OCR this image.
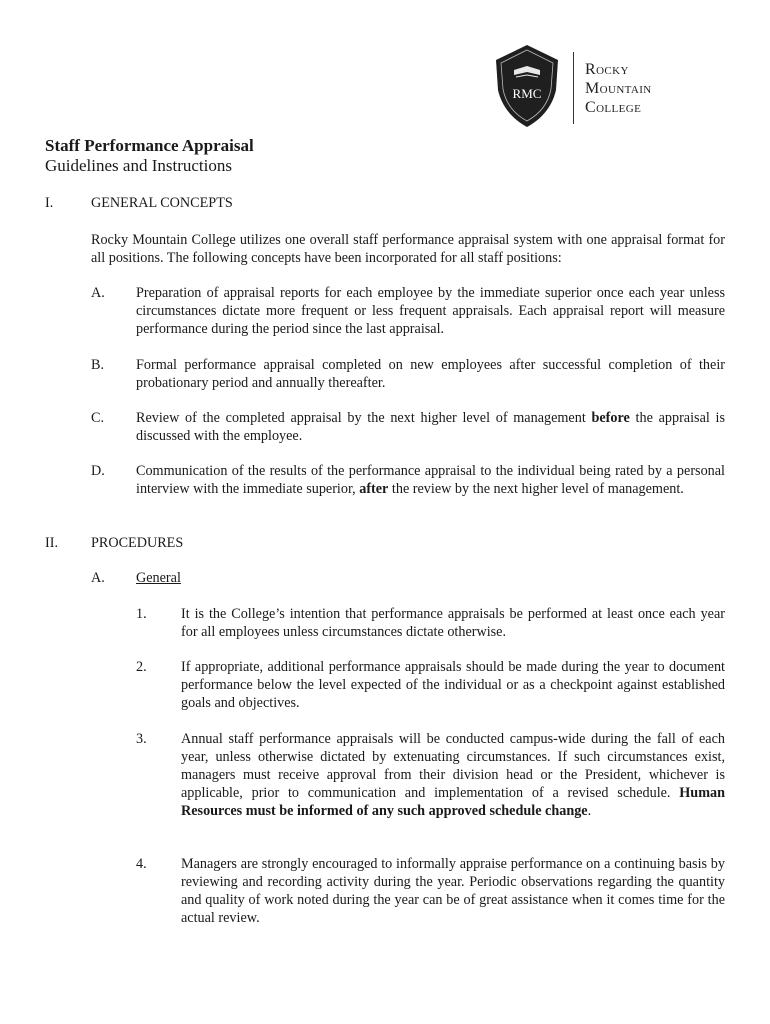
RMC
Rocky
Mountain
College
Staff Performance Appraisal
Guidelines and Instructions
I.	GENERAL CONCEPTS

Rocky Mountain College utilizes one overall staff performance appraisal system with one appraisal format for all positions. The following concepts have been incorporated for all staff positions:

A. Preparation of appraisal reports for each employee by the immediate superior once each year unless circumstances dictate more frequent or less frequent appraisals. Each appraisal report will measure performance during the period since the last appraisal.

B. Formal performance appraisal completed on new employees after successful completion of their probationary period and annually thereafter.

C. Review of the completed appraisal by the next higher level of management before the appraisal is discussed with the employee.

D. Communication of the results of the performance appraisal to the individual being rated by a personal interview with the immediate superior, after the review by the next higher level of management.

II. PROCEDURES
A. General
1. It is the College’s intention that performance appraisals be performed at least once each year for all employees unless circumstances dictate otherwise.

2. If appropriate, additional performance appraisals should be made during the year to document performance below the level expected of the individual or as a checkpoint against established goals and objectives.

3. Annual staff performance appraisals will be conducted campus-wide during the fall of each year, unless otherwise dictated by extenuating circumstances. If such circumstances exist, managers must receive approval from their division head or the President, whichever is applicable, prior to communication and implementation of a revised schedule. Human Resources must be informed of any such approved schedule change.

4. Managers are strongly encouraged to informally appraise performance on a continuing basis by reviewing and recording activity during the year. Periodic observations regarding the quantity and quality of work noted during the year can be of great assistance when it comes time for the actual review.
